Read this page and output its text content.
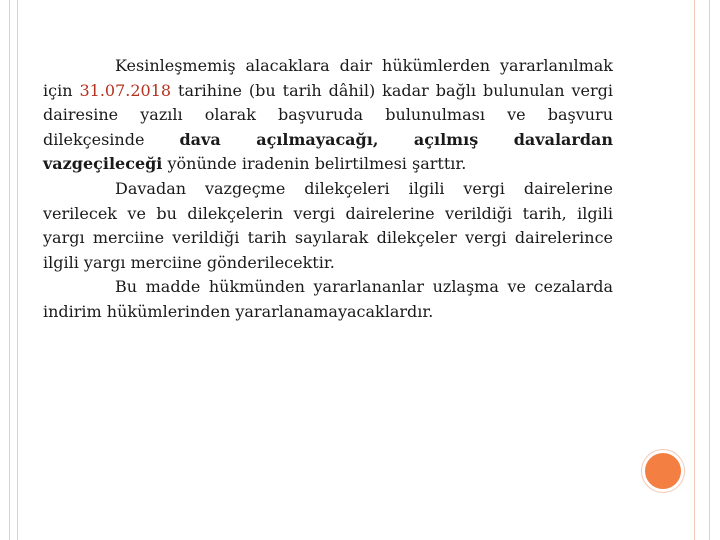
Kesinleşmemiş alacaklara dair hükümlerden yararlanılmak için 31.07.2018 tarihine (bu tarih dâhil) kadar bağlı bulunulan vergi dairesine yazılı olarak başvuruda bulunulması ve başvuru dilekçesinde dava açılmayacağı, açılmış davalardan vazgeçileceği yönünde iradenin belirtilmesi şarttır.

Davadan vazgeçme dilekçeleri ilgili vergi dairelerine verilecek ve bu dilekçelerin vergi dairelerine verildiği tarih, ilgili yargı merciine verildiği tarih sayılarak dilekçeler vergi dairelerince ilgili yargı merciine gönderilecektir.

Bu madde hükmünden yararlananlar uzlaşma ve cezalarda indirim hükümlerinden yararlanamayacaklardır.
